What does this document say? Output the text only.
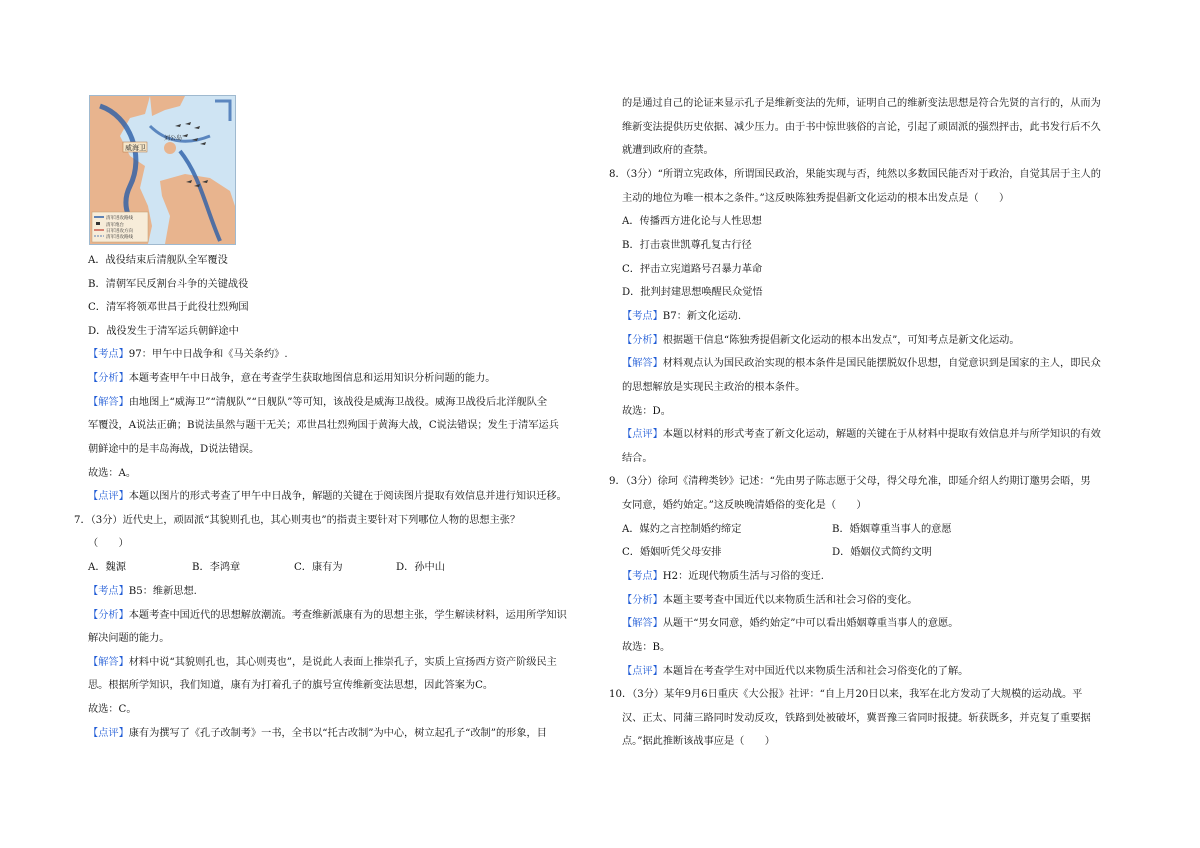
威海卫
刘公岛
清军进攻路线
清军炮台
日军进攻方向
清军进攻路线
A．战役结束后清舰队全军覆没
B．清朝军民反割台斗争的关键战役
C．清军将领邓世昌于此役壮烈殉国
D．战役发生于清军运兵朝鲜途中
【 考点 】 97：甲午中日战争和《马关条约》.
【 分析 】 本题考查甲午中日战争，意在考查学生获取地图信息和运用知识分析问题的能力。
【 解答 】 由地图上“威海卫”“清舰队”“日舰队”等可知，该战役是威海卫战役。威海卫战役后北洋舰队全
军覆没，A说法正确；B说法虽然与题干无关；邓世昌壮烈殉国于黄海大战，C说法错误；发生于清军运兵
朝鲜途中的是丰岛海战，D说法错误。
故选：A。
【 点评 】 本题以图片的形式考查了甲午中日战争，解题的关键在于阅读图片提取有效信息并进行知识迁移。
7．（3分）近代史上，顽固派“其貌则孔也，其心则夷也”的指责主要针对下列哪位人物的思想主张？
（　　）
A．魏源	B．李鸿章	C．康有为	D．孙中山
【 考点 】 B5：维新思想.
【 分析 】 本题考查中国近代的思想解放潮流。考查维新派康有为的思想主张，学生解读材料，运用所学知识
解决问题的能力。
【 解答 】 材料中说“其貌则孔也，其心则夷也”，是说此人表面上推崇孔子，实质上宣扬西方资产阶级民主
思。根据所学知识，我们知道，康有为打着孔子的旗号宣传维新变法思想，因此答案为C。
故选：C。
【 点评 】 康有为撰写了《孔子改制考》一书，全书以“托古改制”为中心，树立起孔子“改制”的形象，目
的是通过自己的论证来显示孔子是维新变法的先师，证明自己的维新变法思想是符合先贤的言行的，从而为
维新变法提供历史依据、减少压力。由于书中惊世骇俗的言论，引起了顽固派的强烈抨击，此书发行后不久
就遭到政府的查禁。
8．（3分）“所谓立宪政体，所谓国民政治，果能实现与否，纯然以多数国民能否对于政治，自觉其居于主人的
主动的地位为唯一根本之条件。”这反映陈独秀提倡新文化运动的根本出发点是（　　）
A．传播西方进化论与人性思想
B．打击袁世凯尊孔复古行径
C．抨击立宪道路号召暴力革命
D．批判封建思想唤醒民众觉悟
【 考点 】 B7：新文化运动.
【 分析 】 根据题干信息“陈独秀提倡新文化运动的根本出发点”，可知考点是新文化运动。
【 解答 】 材料观点认为国民政治实现的根本条件是国民能摆脱奴仆思想，自觉意识到是国家的主人，即民众
的思想解放是实现民主政治的根本条件。
故选：D。
【 点评 】 本题以材料的形式考查了新文化运动，解题的关键在于从材料中提取有效信息并与所学知识的有效
结合。
9．（3分）徐珂《清稗类钞》记述：“先由男子陈志愿于父母，得父母允准，即延介绍人约期订邀男会晤，男
女同意，婚约始定。”这反映晚清婚俗的变化是（　　）
A．媒妁之言控制婚约缔定	B．婚姻尊重当事人的意愿
C．婚姻听凭父母安排	D．婚姻仪式简约文明
【 考点 】 H2：近现代物质生活与习俗的变迁.
【 分析 】 本题主要考查中国近代以来物质生活和社会习俗的变化。
【 解答 】 从题干“男女同意，婚约始定”中可以看出婚姻尊重当事人的意愿。
故选：B。
【 点评 】 本题旨在考查学生对中国近代以来物质生活和社会习俗变化的了解。
10．（3分）某年9月6日重庆《大公报》社评：“自上月20日以来，我军在北方发动了大规模的运动战。平
汉、正太、同蒲三路同时发动反攻，铁路到处被破坏，冀晋豫三省同时报捷。斩获既多，并克复了重要据
点。”据此推断该战事应是（　　）
